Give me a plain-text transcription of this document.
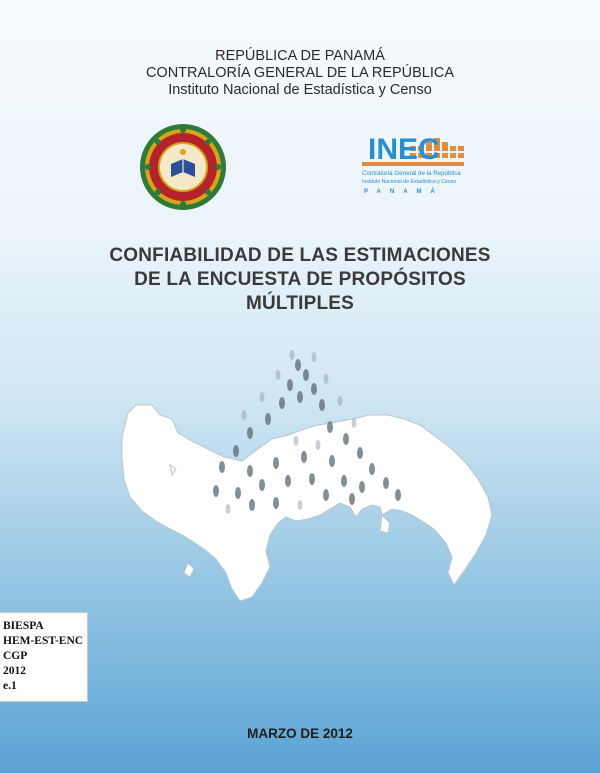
REPÚBLICA DE PANAMÁ
CONTRALORÍA GENERAL DE LA REPÚBLICA
Instituto Nacional de Estadística y Censo
INEC
Contraloría General de la República
Instituto Nacional de Estadística y Censo
PANAMÁ
CONFIABILIDAD DE LAS ESTIMACIONES
DE LA ENCUESTA DE PROPÓSITOS
MÚLTIPLES
BIESPA
HEM-EST-ENC
CGP
2012
e.1
MARZO DE 2012
